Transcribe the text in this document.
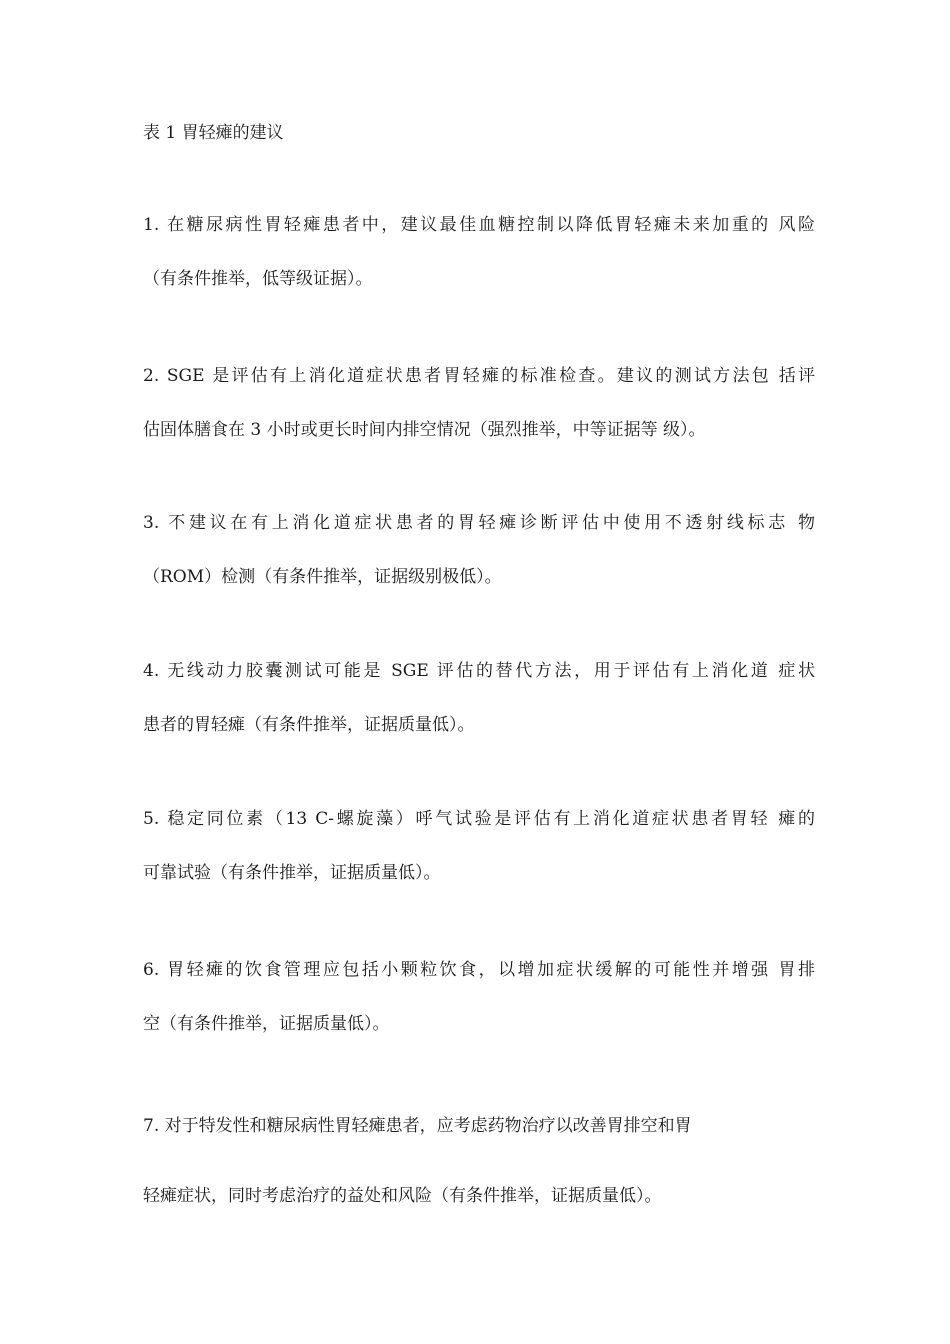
表 1 胃轻瘫的建议
1. 在糖尿病性胃轻瘫患者中，建议最佳血糖控制以降低胃轻瘫未来加重的 风险
（有条件推举，低等级证据）。
2. SGE 是评估有上消化道症状患者胃轻瘫的标准检查。建议的测试方法包 括评
估固体膳食在 3 小时或更长时间内排空情况（强烈推举，中等证据等 级）。
3. 不建议在有上消化道症状患者的胃轻瘫诊断评估中使用不透射线标志 物
（ROM）检测（有条件推举，证据级别极低）。
4. 无线动力胶囊测试可能是 SGE 评估的替代方法，用于评估有上消化道 症状
患者的胃轻瘫（有条件推举，证据质量低）。
5. 稳定同位素（13 C-螺旋藻）呼气试验是评估有上消化道症状患者胃轻 瘫的
可靠试验（有条件推举，证据质量低）。
6. 胃轻瘫的饮食管理应包括小颗粒饮食，以增加症状缓解的可能性并增强 胃排
空（有条件推举，证据质量低）。
7. 对于特发性和糖尿病性胃轻瘫患者，应考虑药物治疗以改善胃排空和胃
轻瘫症状，同时考虑治疗的益处和风险（有条件推举，证据质量低）。
